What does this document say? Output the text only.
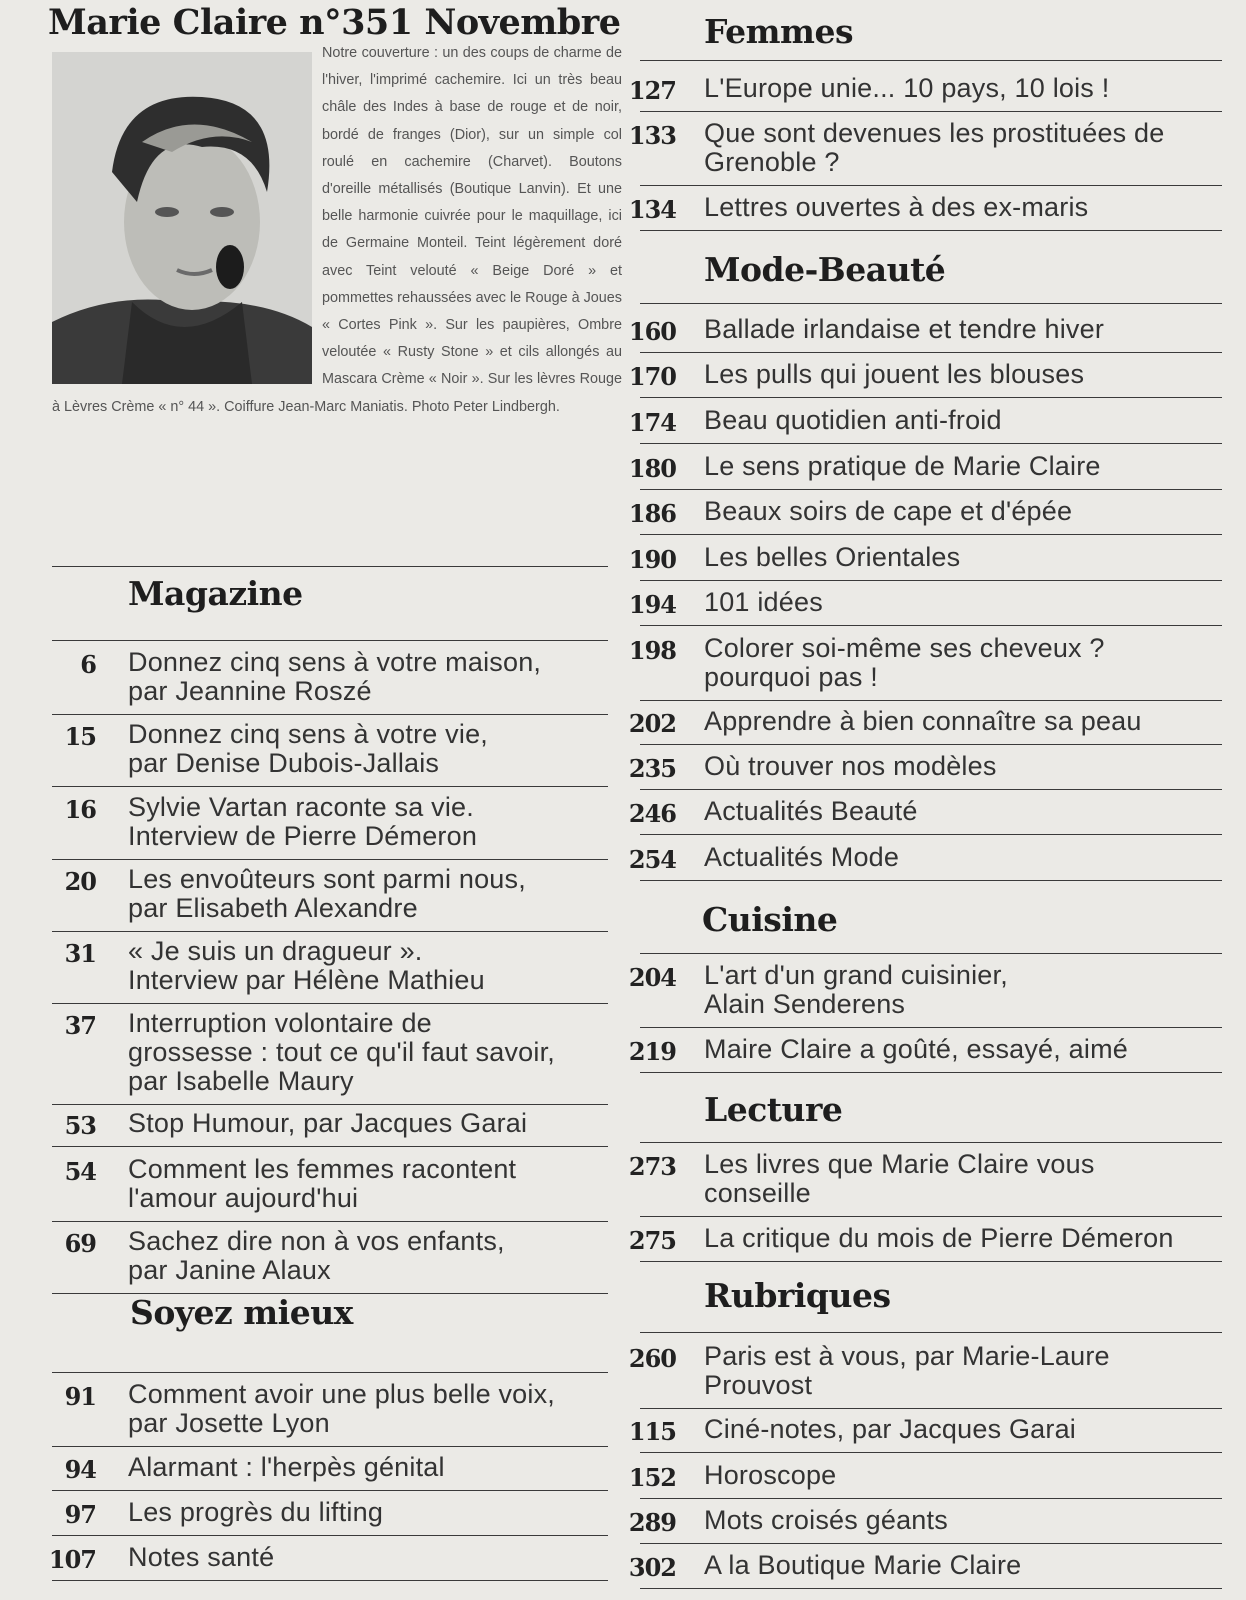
Marie Claire n°351 Novembre

Notre couverture : un des coups de charme de l'hiver, l'imprimé cachemire. Ici un très beau châle des Indes à base de rouge et de noir, bordé de franges (Dior), sur un simple col roulé en cachemire (Charvet). Boutons d'oreille métallisés (Boutique Lanvin). Et une belle harmonie cuivrée pour le maquillage, ici de Germaine Monteil. Teint légèrement doré avec Teint velouté « Beige Doré » et pommettes rehaussées avec le Rouge à Joues « Cortes Pink ». Sur les paupières, Ombre veloutée « Rusty Stone » et cils allongés au Mascara Crème « Noir ». Sur les lèvres Rouge à Lèvres Crème « n° 44 ». Coiffure Jean-Marc Maniatis. Photo Peter Lindbergh.

Magazine
6 Donnez cinq sens à votre maison,
par Jeannine Roszé
15 Donnez cinq sens à votre vie,
par Denise Dubois-Jallais
16 Sylvie Vartan raconte sa vie.
Interview de Pierre Démeron
20 Les envoûteurs sont parmi nous,
par Elisabeth Alexandre
31 « Je suis un dragueur ».
Interview par Hélène Mathieu
37 Interruption volontaire de
grossesse : tout ce qu'il faut savoir,
par Isabelle Maury
53 Stop Humour, par Jacques Garai
54 Comment les femmes racontent
l'amour aujourd'hui
69 Sachez dire non à vos enfants,
par Janine Alaux
Soyez mieux
91 Comment avoir une plus belle voix,
par Josette Lyon
94 Alarmant : l'herpès génital
97 Les progrès du lifting
107 Notes santé
Femmes
127 L'Europe unie... 10 pays, 10 lois !
133 Que sont devenues les prostituées de
Grenoble ?
134 Lettres ouvertes à des ex-maris
Mode-Beauté
160 Ballade irlandaise et tendre hiver
170 Les pulls qui jouent les blouses
174 Beau quotidien anti-froid
180 Le sens pratique de Marie Claire
186 Beaux soirs de cape et d'épée
190 Les belles Orientales
194 101 idées
198 Colorer soi-même ses cheveux ?
pourquoi pas !
202 Apprendre à bien connaître sa peau
235 Où trouver nos modèles
246 Actualités Beauté
254 Actualités Mode
Cuisine
204 L'art d'un grand cuisinier,
Alain Senderens
219 Maire Claire a goûté, essayé, aimé
Lecture
273 Les livres que Marie Claire vous
conseille
275 La critique du mois de Pierre Démeron
Rubriques
260 Paris est à vous, par Marie-Laure
Prouvost
115 Ciné-notes, par Jacques Garai
152 Horoscope
289 Mots croisés géants
302 A la Boutique Marie Claire
